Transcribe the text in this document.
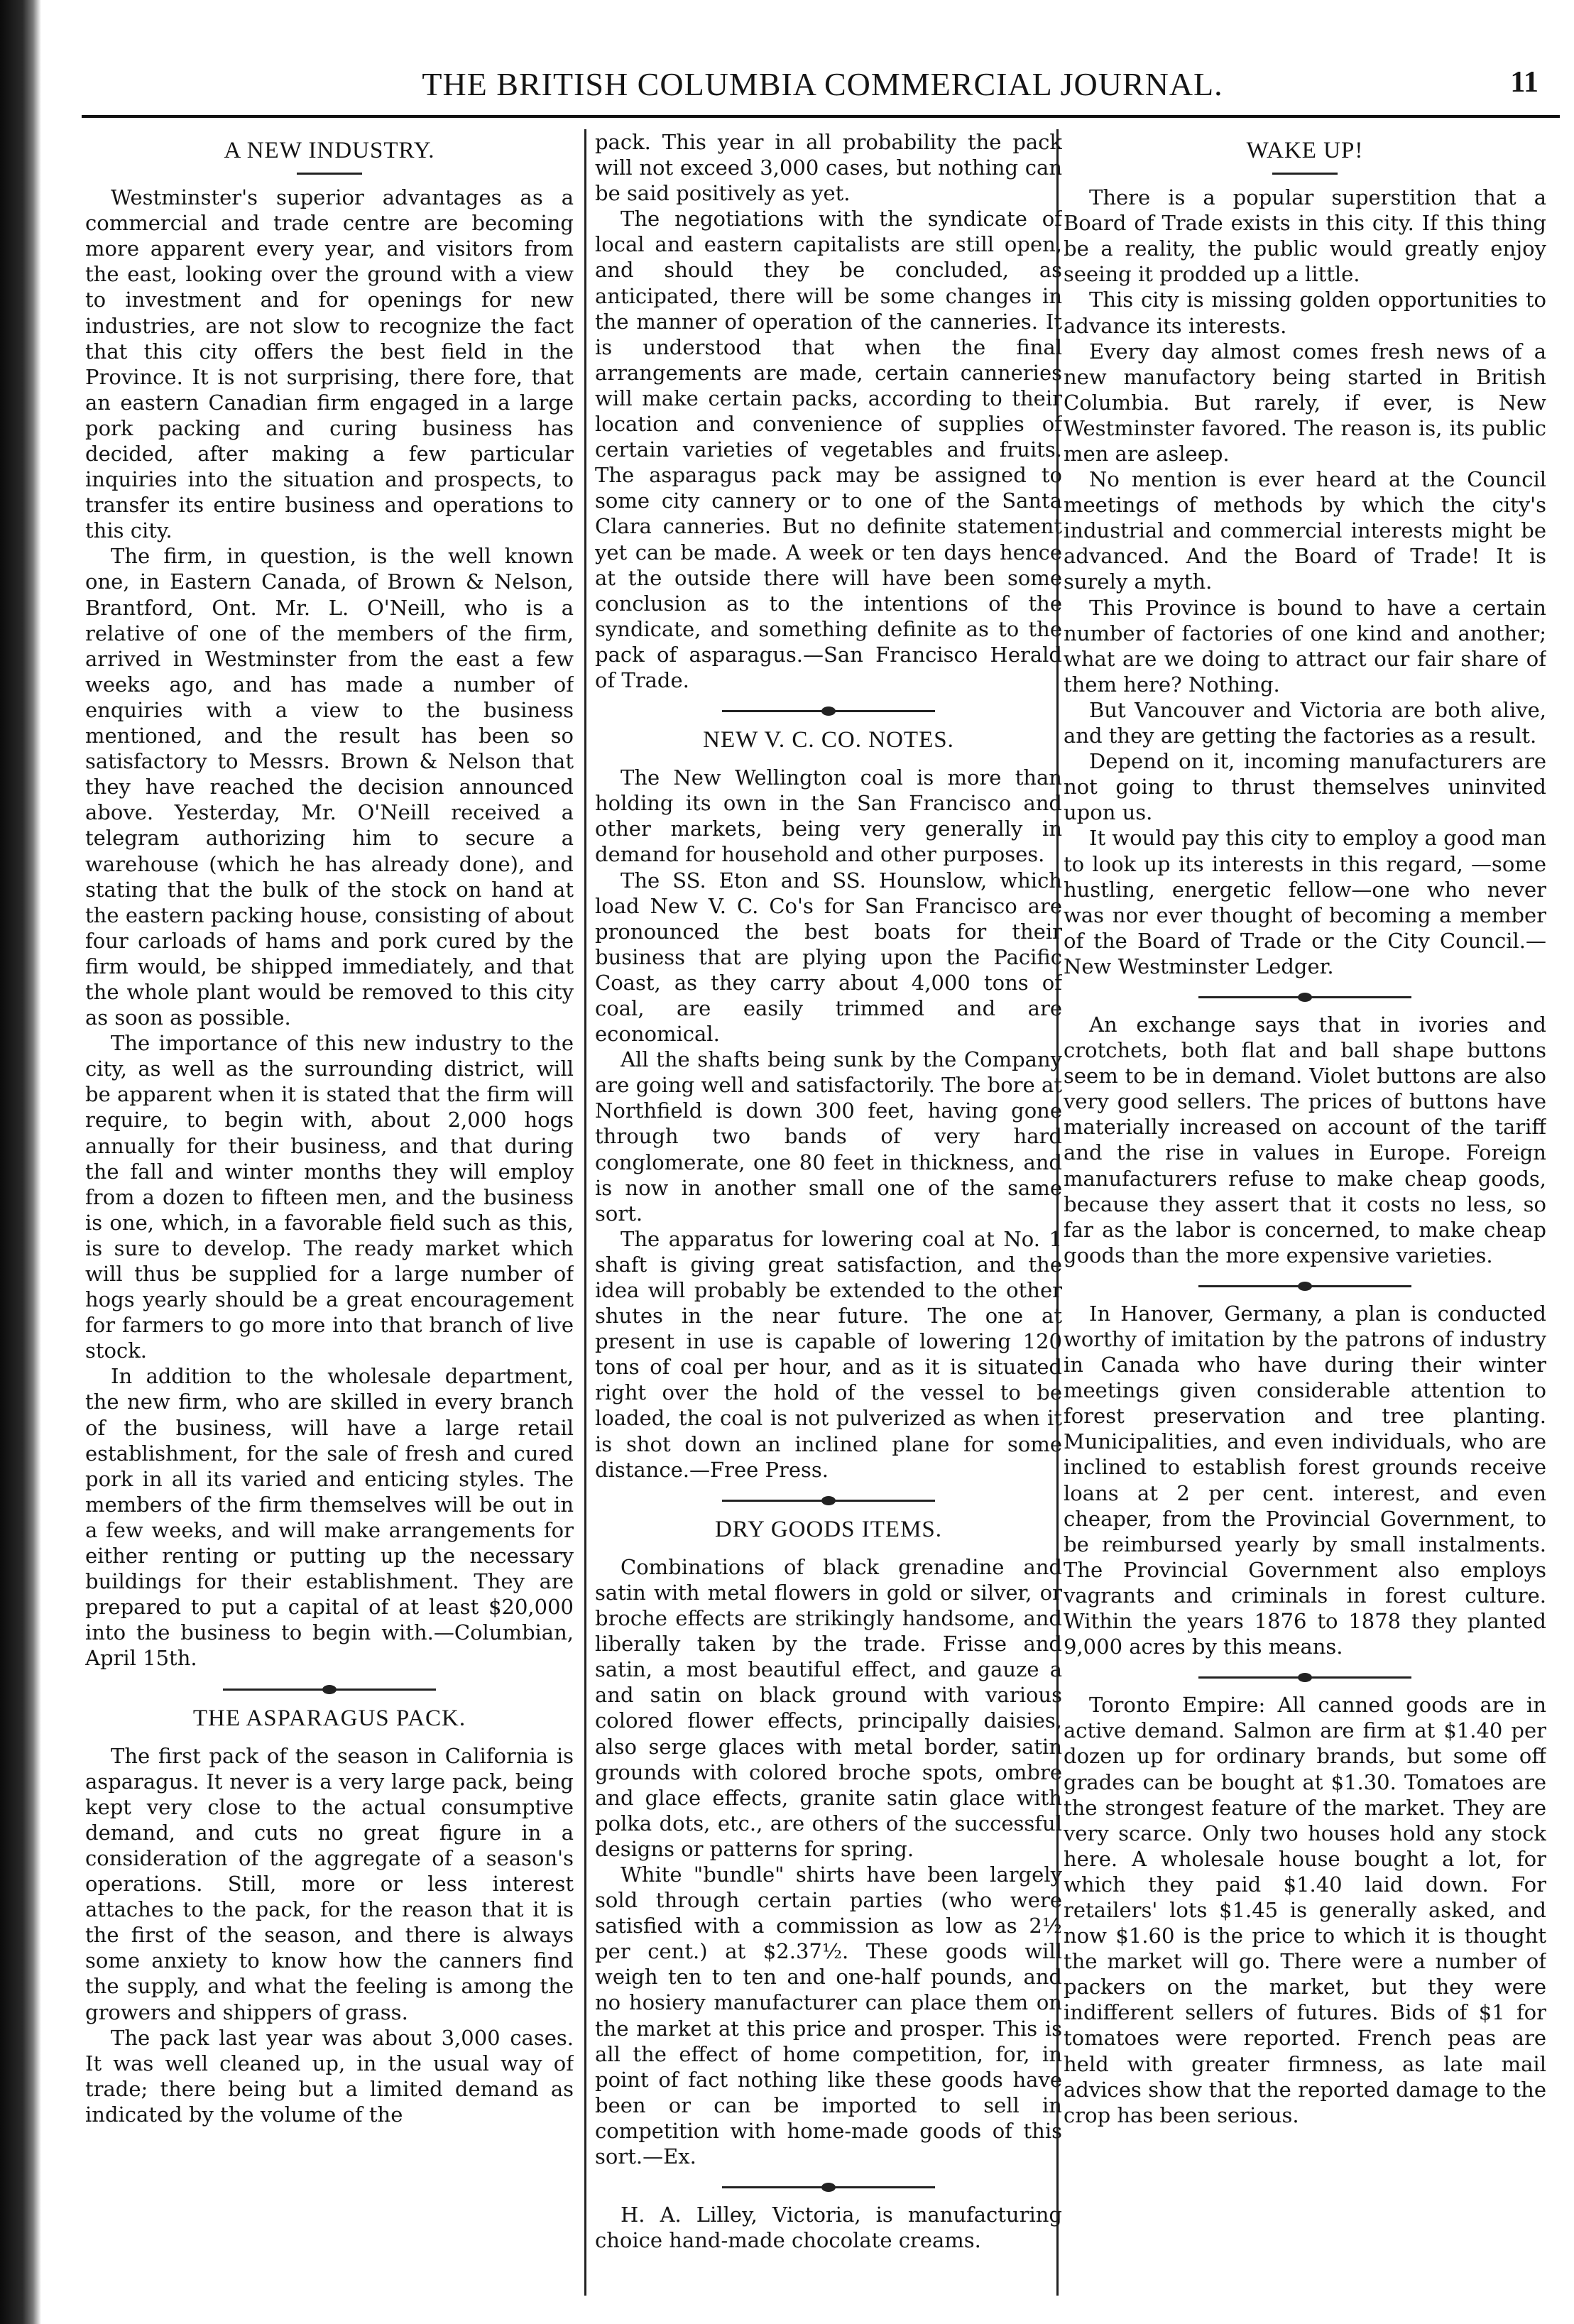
THE BRITISH COLUMBIA COMMERCIAL JOURNAL.	11
A NEW INDUSTRY.

Westminster's superior advantages as a commercial and trade centre are becoming more apparent every year, and visitors from the east, looking over the ground with a view to investment and for openings for new industries, are not slow to recognize the fact that this city offers the best field in the Province. It is not surprising, there fore, that an eastern Canadian firm engaged in a large pork packing and curing business has decided, after making a few particular inquiries into the situation and prospects, to transfer its entire business and operations to this city.

The firm, in question, is the well known one, in Eastern Canada, of Brown & Nelson, Brantford, Ont. Mr. L. O'Neill, who is a relative of one of the members of the firm, arrived in Westminster from the east a few weeks ago, and has made a number of enquiries with a view to the business mentioned, and the result has been so satisfactory to Messrs. Brown & Nelson that they have reached the decision announced above. Yesterday, Mr. O'Neill received a telegram authorizing him to secure a warehouse (which he has already done), and stating that the bulk of the stock on hand at the eastern packing house, consisting of about four carloads of hams and pork cured by the firm would, be shipped immediately, and that the whole plant would be removed to this city as soon as possible.

The importance of this new industry to the city, as well as the surrounding district, will be apparent when it is stated that the firm will require, to begin with, about 2,000 hogs annually for their business, and that during the fall and winter months they will employ from a dozen to fifteen men, and the business is one, which, in a favorable field such as this, is sure to develop. The ready market which will thus be supplied for a large number of hogs yearly should be a great encouragement for farmers to go more into that branch of live stock.

In addition to the wholesale department, the new firm, who are skilled in every branch of the business, will have a large retail establishment, for the sale of fresh and cured pork in all its varied and enticing styles. The members of the firm themselves will be out in a few weeks, and will make arrangements for either renting or putting up the necessary buildings for their establishment. They are prepared to put a capital of at least $20,000 into the business to begin with.—Columbian, April 15th.

THE ASPARAGUS PACK.

The first pack of the season in California is asparagus. It never is a very large pack, being kept very close to the actual consumptive demand, and cuts no great figure in a consideration of the aggregate of a season's operations. Still, more or less interest attaches to the pack, for the reason that it is the first of the season, and there is always some anxiety to know how the canners find the supply, and what the feeling is among the growers and shippers of grass.

The pack last year was about 3,000 cases. It was well cleaned up, in the usual way of trade; there being but a limited demand as indicated by the volume of the

pack. This year in all probability the pack will not exceed 3,000 cases, but nothing can be said positively as yet.

The negotiations with the syndicate of local and eastern capitalists are still open, and should they be concluded, as anticipated, there will be some changes in the manner of operation of the canneries. It is understood that when the final arrangements are made, certain canneries will make certain packs, according to their location and convenience of supplies of certain varieties of vegetables and fruits. The asparagus pack may be assigned to some city cannery or to one of the Santa Clara canneries. But no definite statement yet can be made. A week or ten days hence at the outside there will have been some conclusion as to the intentions of the syndicate, and something definite as to the pack of asparagus.—San Francisco Herald of Trade.

NEW V. C. CO. NOTES.

The New Wellington coal is more than holding its own in the San Francisco and other markets, being very generally in demand for household and other purposes.

The SS. Eton and SS. Hounslow, which load New V. C. Co's for San Francisco are pronounced the best boats for their business that are plying upon the Pacific Coast, as they carry about 4,000 tons of coal, are easily trimmed and are economical.

All the shafts being sunk by the Company are going well and satisfactorily. The bore at Northfield is down 300 feet, having gone through two bands of very hard conglomerate, one 80 feet in thickness, and is now in another small one of the same sort.

The apparatus for lowering coal at No. 1 shaft is giving great satisfaction, and the idea will probably be extended to the other shutes in the near future. The one at present in use is capable of lowering 120 tons of coal per hour, and as it is situated right over the hold of the vessel to be loaded, the coal is not pulverized as when it is shot down an inclined plane for some distance.—Free Press.

DRY GOODS ITEMS.

Combinations of black grenadine and satin with metal flowers in gold or silver, or broche effects are strikingly handsome, and liberally taken by the trade. Frisse and satin, a most beautiful effect, and gauze a and satin on black ground with various colored flower effects, principally daisies, also serge glaces with metal border, satin grounds with colored broche spots, ombre and glace effects, granite satin glace with polka dots, etc., are others of the successful designs or patterns for spring.

White "bundle" shirts have been largely sold through certain parties (who were satisfied with a commission as low as 2½ per cent.) at $2.37½. These goods will weigh ten to ten and one-half pounds, and no hosiery manufacturer can place them on the market at this price and prosper. This is all the effect of home competition, for, in point of fact nothing like these goods have been or can be imported to sell in competition with home-made goods of this sort.—Ex.

H. A. Lilley, Victoria, is manufacturing choice hand-made chocolate creams.

WAKE UP!

There is a popular superstition that a Board of Trade exists in this city. If this thing be a reality, the public would greatly enjoy seeing it prodded up a little.

This city is missing golden opportunities to advance its interests.

Every day almost comes fresh news of a new manufactory being started in British Columbia. But rarely, if ever, is New Westminster favored. The reason is, its public men are asleep.

No mention is ever heard at the Council meetings of methods by which the city's industrial and commercial interests might be advanced. And the Board of Trade! It is surely a myth.

This Province is bound to have a certain number of factories of one kind and another; what are we doing to attract our fair share of them here? Nothing.

But Vancouver and Victoria are both alive, and they are getting the factories as a result.

Depend on it, incoming manufacturers are not going to thrust themselves uninvited upon us.

It would pay this city to employ a good man to look up its interests in this regard, —some hustling, energetic fellow—one who never was nor ever thought of becoming a member of the Board of Trade or the City Council.—New Westminster Ledger.

An exchange says that in ivories and crotchets, both flat and ball shape buttons seem to be in demand. Violet buttons are also very good sellers. The prices of buttons have materially increased on account of the tariff and the rise in values in Europe. Foreign manufacturers refuse to make cheap goods, because they assert that it costs no less, so far as the labor is concerned, to make cheap goods than the more expensive varieties.

In Hanover, Germany, a plan is conducted worthy of imitation by the patrons of industry in Canada who have during their winter meetings given considerable attention to forest preservation and tree planting. Municipalities, and even individuals, who are inclined to establish forest grounds receive loans at 2 per cent. interest, and even cheaper, from the Provincial Government, to be reimbursed yearly by small instalments. The Provincial Government also employs vagrants and criminals in forest culture. Within the years 1876 to 1878 they planted 9,000 acres by this means.

Toronto Empire: All canned goods are in active demand. Salmon are firm at $1.40 per dozen up for ordinary brands, but some off grades can be bought at $1.30. Tomatoes are the strongest feature of the market. They are very scarce. Only two houses hold any stock here. A wholesale house bought a lot, for which they paid $1.40 laid down. For retailers' lots $1.45 is generally asked, and now $1.60 is the price to which it is thought the market will go. There were a number of packers on the market, but they were indifferent sellers of futures. Bids of $1 for tomatoes were reported. French peas are held with greater firmness, as late mail advices show that the reported damage to the crop has been serious.
